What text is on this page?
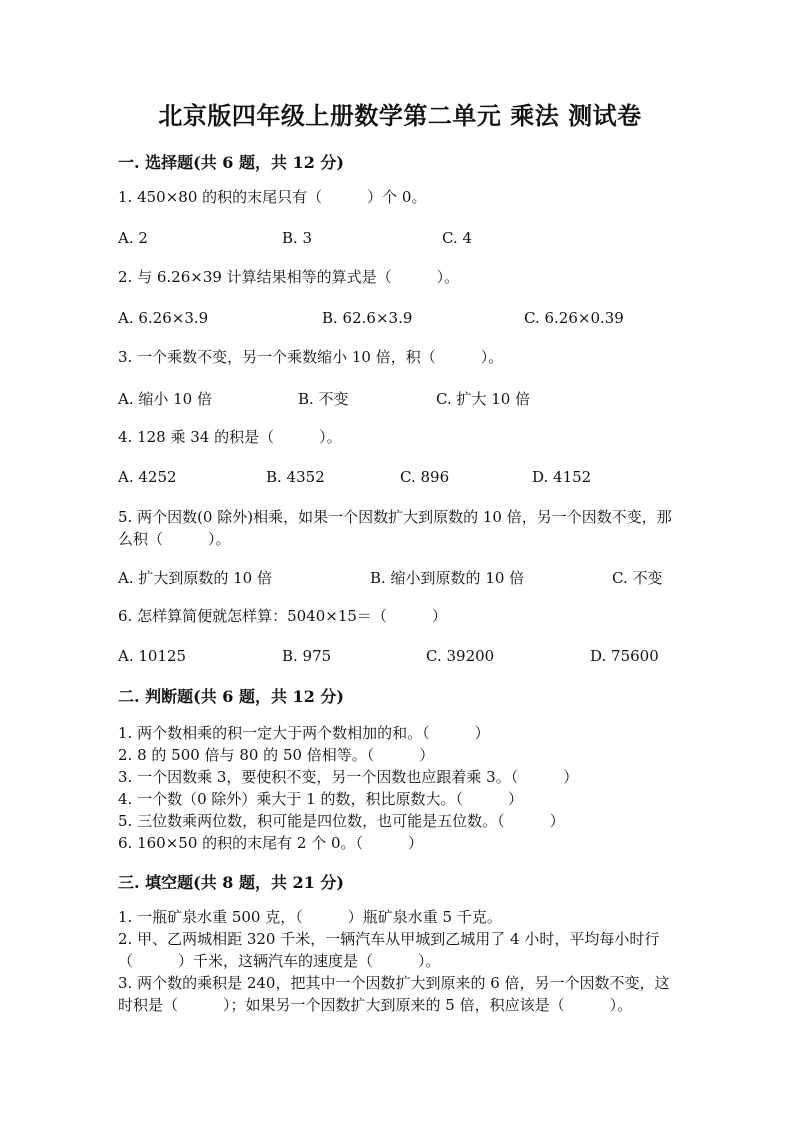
北京版四年级上册数学第二单元 乘法 测试卷
一. 选择题(共 6 题，共 12 分)
1. 450×80 的积的末尾只有（　　　）个 0。
A. 2	B. 3	C. 4
2. 与 6.26×39 计算结果相等的算式是（　　　）。
A. 6.26×3.9	B. 62.6×3.9	C. 6.26×0.39
3. 一个乘数不变，另一个乘数缩小 10 倍，积（　　　）。
A. 缩小 10 倍	B. 不变	C. 扩大 10 倍
4. 128 乘 34 的积是（　　　）。
A. 4252	B. 4352	C. 896	D. 4152
5. 两个因数(0 除外)相乘，如果一个因数扩大到原数的 10 倍，另一个因数不变，那么积（　　　）。
A. 扩大到原数的 10 倍	B. 缩小到原数的 10 倍	C. 不变
6. 怎样算简便就怎样算：5040×15＝（　　　）
A. 10125	B. 975	C. 39200	D. 75600
二. 判断题(共 6 题，共 12 分)
1. 两个数相乘的积一定大于两个数相加的和。（　　　）
2. 8 的 500 倍与 80 的 50 倍相等。（　　　）
3. 一个因数乘 3，要使积不变，另一个因数也应跟着乘 3。（　　　）
4. 一个数（0 除外）乘大于 1 的数，积比原数大。（　　　）
5. 三位数乘两位数，积可能是四位数，也可能是五位数。（　　　）
6. 160×50 的积的末尾有 2 个 0。（　　　）
三. 填空题(共 8 题，共 21 分)
1. 一瓶矿泉水重 500 克，（　　　）瓶矿泉水重 5 千克。
2. 甲、乙两城相距 320 千米，一辆汽车从甲城到乙城用了 4 小时，平均每小时行（　　　）千米，这辆汽车的速度是（　　　）。
3. 两个数的乘积是 240，把其中一个因数扩大到原来的 6 倍，另一个因数不变，这时积是（　　　）；如果另一个因数扩大到原来的 5 倍，积应该是（　　　）。
